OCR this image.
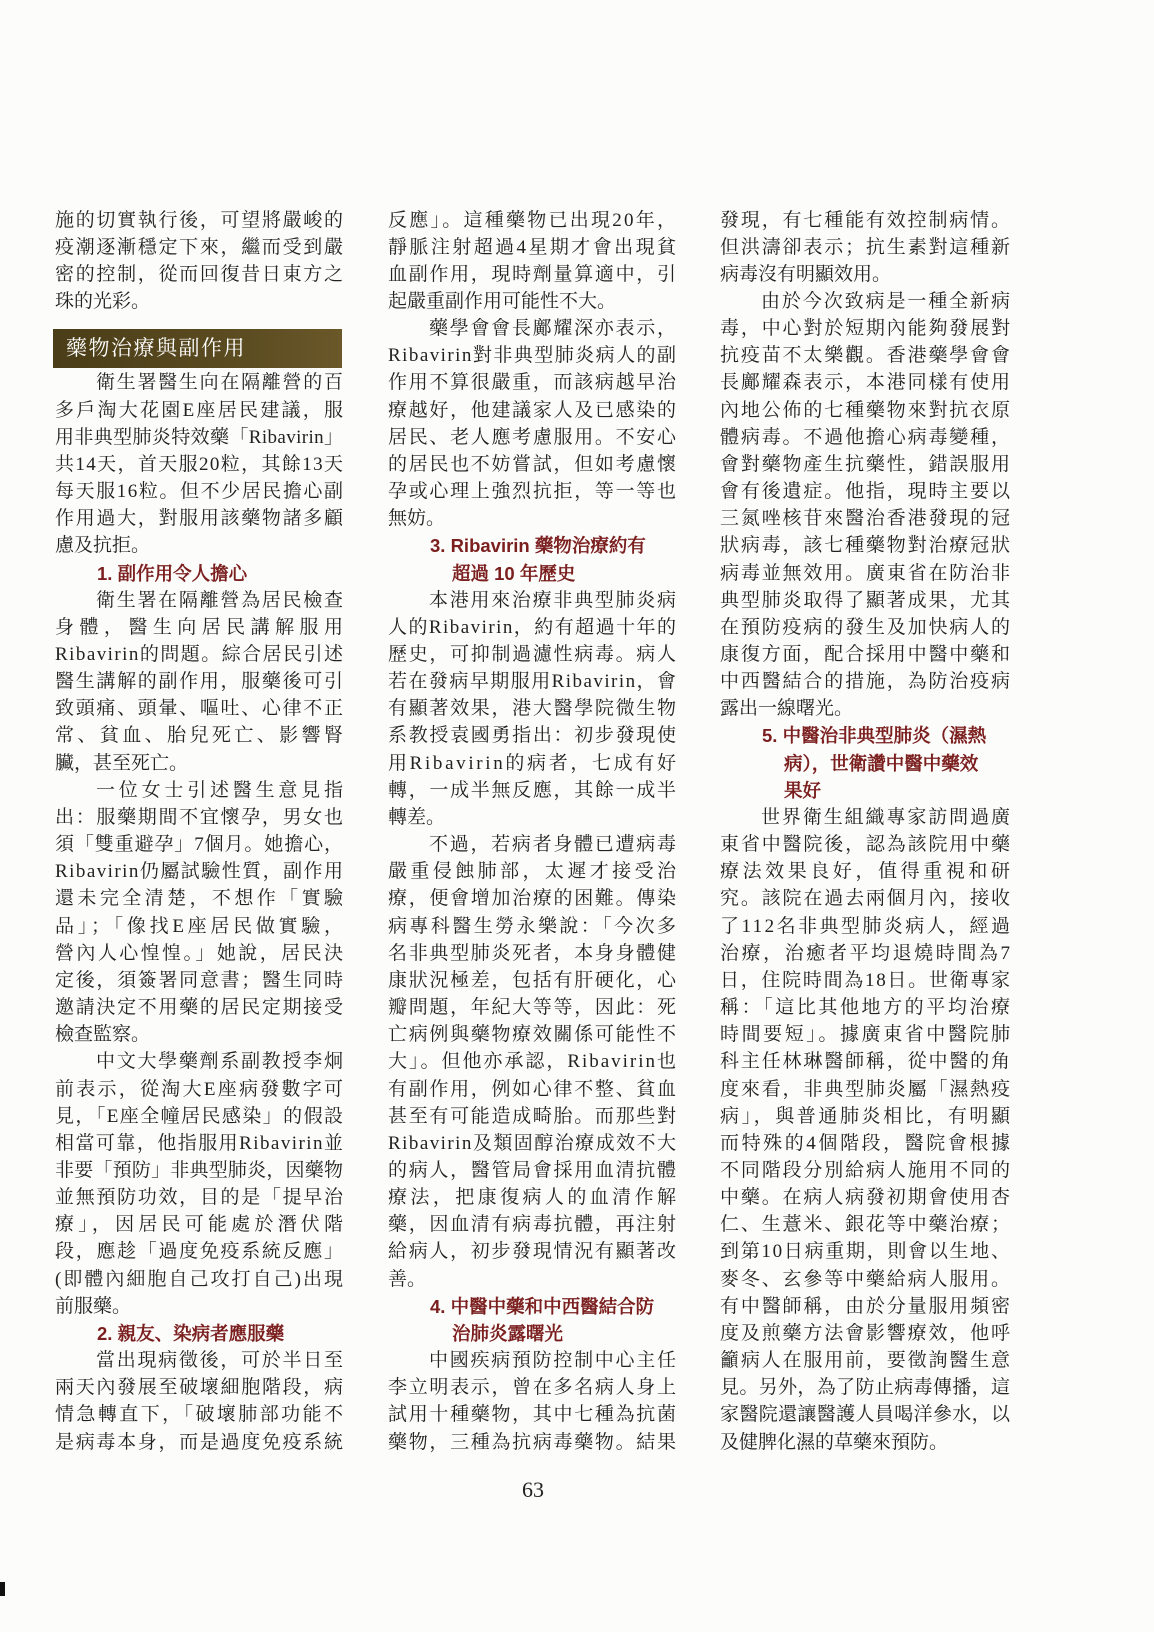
施的切實執行後，可望將嚴峻的
疫潮逐漸穩定下來，繼而受到嚴
密的控制，從而回復昔日東方之
珠的光彩。
藥物治療與副作用
衛生署醫生向在隔離營的百
多戶淘大花園E座居民建議，服
用非典型肺炎特效藥「Ribavirin」
共14天，首天服20粒，其餘13天
每天服16粒。但不少居民擔心副
作用過大，對服用該藥物諸多顧
慮及抗拒。
1. 副作用令人擔心
衛生署在隔離營為居民檢查
身體，醫生向居民講解服用
Ribavirin的問題。綜合居民引述
醫生講解的副作用，服藥後可引
致頭痛、頭暈、嘔吐、心律不正
常、貧血、胎兒死亡、影響腎
臟，甚至死亡。
一位女士引述醫生意見指
出：服藥期間不宜懷孕，男女也
須「雙重避孕」7個月。她擔心，
Ribavirin仍屬試驗性質，副作用
還未完全清楚，不想作「實驗
品」；「像找E座居民做實驗，
營內人心惶惶。」她說，居民決
定後，須簽署同意書；醫生同時
邀請決定不用藥的居民定期接受
檢查監察。
中文大學藥劑系副教授李炯
前表示，從淘大E座病發數字可
見，「E座全幢居民感染」的假設
相當可靠，他指服用Ribavirin並
非要「預防」非典型肺炎，因藥物
並無預防功效，目的是「提早治
療」，因居民可能處於潛伏階
段，應趁「過度免疫系統反應」
(即體內細胞自己攻打自己)出現
前服藥。
2. 親友、染病者應服藥
當出現病徵後，可於半日至
兩天內發展至破壞細胞階段，病
情急轉直下，「破壞肺部功能不
是病毒本身，而是過度免疫系統
反應」。這種藥物已出現20年，
靜脈注射超過4星期才會出現貧
血副作用，現時劑量算適中，引
起嚴重副作用可能性不大。
藥學會會長鄺耀深亦表示，
Ribavirin對非典型肺炎病人的副
作用不算很嚴重，而該病越早治
療越好，他建議家人及已感染的
居民、老人應考慮服用。不安心
的居民也不妨嘗試，但如考慮懷
孕或心理上強烈抗拒，等一等也
無妨。
3. Ribavirin 藥物治療約有
超過 10 年歷史
本港用來治療非典型肺炎病
人的Ribavirin，約有超過十年的
歷史，可抑制過濾性病毒。病人
若在發病早期服用Ribavirin，會
有顯著效果，港大醫學院微生物
系教授袁國勇指出：初步發現使
用Ribavirin的病者，七成有好
轉，一成半無反應，其餘一成半
轉差。
不過，若病者身體已遭病毒
嚴重侵蝕肺部，太遲才接受治
療，便會增加治療的困難。傳染
病專科醫生勞永樂說：「今次多
名非典型肺炎死者，本身身體健
康狀況極差，包括有肝硬化，心
瓣問題，年紀大等等，因此：死
亡病例與藥物療效關係可能性不
大」。但他亦承認，Ribavirin也
有副作用，例如心律不整、貧血
甚至有可能造成畸胎。而那些對
Ribavirin及類固醇治療成效不大
的病人，醫管局會採用血清抗體
療法，把康復病人的血清作解
藥，因血清有病毒抗體，再注射
給病人，初步發現情況有顯著改
善。
4. 中醫中藥和中西醫結合防
治肺炎露曙光
中國疾病預防控制中心主任
李立明表示，曾在多名病人身上
試用十種藥物，其中七種為抗菌
藥物，三種為抗病毒藥物。結果
發現，有七種能有效控制病情。
但洪濤卻表示；抗生素對這種新
病毒沒有明顯效用。
由於今次致病是一種全新病
毒，中心對於短期內能夠發展對
抗疫苗不太樂觀。香港藥學會會
長鄺耀森表示，本港同樣有使用
內地公佈的七種藥物來對抗衣原
體病毒。不過他擔心病毒變種，
會對藥物產生抗藥性，錯誤服用
會有後遺症。他指，現時主要以
三氮唑核苷來醫治香港發現的冠
狀病毒，該七種藥物對治療冠狀
病毒並無效用。廣東省在防治非
典型肺炎取得了顯著成果，尤其
在預防疫病的發生及加快病人的
康復方面，配合採用中醫中藥和
中西醫結合的措施，為防治疫病
露出一線曙光。
5. 中醫治非典型肺炎（濕熱
病），世衛讚中醫中藥效
果好
世界衛生組織專家訪問過廣
東省中醫院後，認為該院用中藥
療法效果良好，值得重視和研
究。該院在過去兩個月內，接收
了112名非典型肺炎病人，經過
治療，治癒者平均退燒時間為7
日，住院時間為18日。世衛專家
稱：「這比其他地方的平均治療
時間要短」。據廣東省中醫院肺
科主任林琳醫師稱，從中醫的角
度來看，非典型肺炎屬「濕熱疫
病」，與普通肺炎相比，有明顯
而特殊的4個階段，醫院會根據
不同階段分別給病人施用不同的
中藥。在病人病發初期會使用杏
仁、生薏米、銀花等中藥治療；
到第10日病重期，則會以生地、
麥冬、玄參等中藥給病人服用。
有中醫師稱，由於分量服用頻密
度及煎藥方法會影響療效，他呼
籲病人在服用前，要徵詢醫生意
見。另外，為了防止病毒傳播，這
家醫院還讓醫護人員喝洋參水，以
及健脾化濕的草藥來預防。
63
